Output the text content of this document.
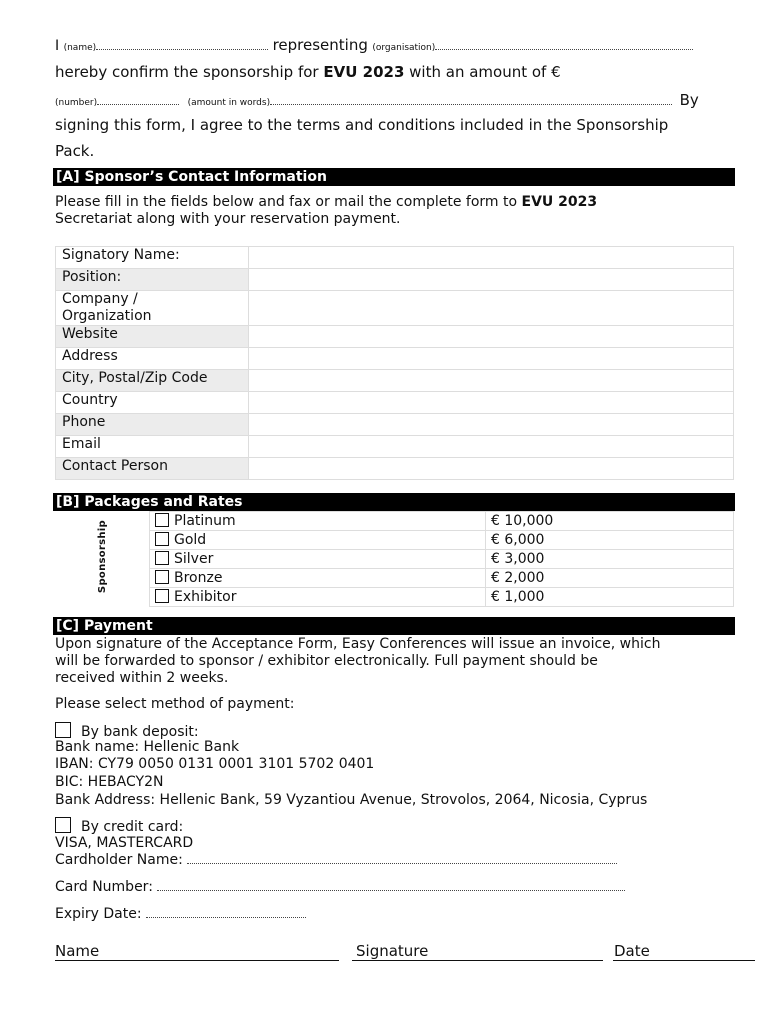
I (name)	representing (organisation)
hereby confirm the sponsorship for EVU 2023 with an amount of €
(number)	(amount in words)	By
signing this form, I agree to the terms and conditions included in the Sponsorship
Pack.
[A] Sponsor’s Contact Information
Please fill in the fields below and fax or mail the complete form to EVU 2023
Secretariat along with your reservation payment.
Signatory Name:	
Position:	

Company / Organization	

Website	
Address	
City, Postal/Zip Code	
Country	
Phone	
Email	
Contact Person	
[B] Packages and Rates
Sponsorship	Platinum	€ 10,000
	Gold	€ 6,000
	Silver	€ 3,000
	Bronze	€ 2,000
	Exhibitor	€ 1,000
[C] Payment
Upon signature of the Acceptance Form, Easy Conferences will issue an invoice, which
will be forwarded to sponsor / exhibitor electronically. Full payment should be
received within 2 weeks.
Please select method of payment:
By bank deposit:
Bank name: Hellenic Bank
IBAN: CY79 0050 0131 0001 3101 5702 0401
BIC: HEBACY2N
Bank Address: Hellenic Bank, 59 Vyzantiou Avenue, Strovolos, 2064, Nicosia, Cyprus
By credit card:
VISA, MASTERCARD
Cardholder Name:
Card Number:
Expiry Date:
Name	Signature	Date
